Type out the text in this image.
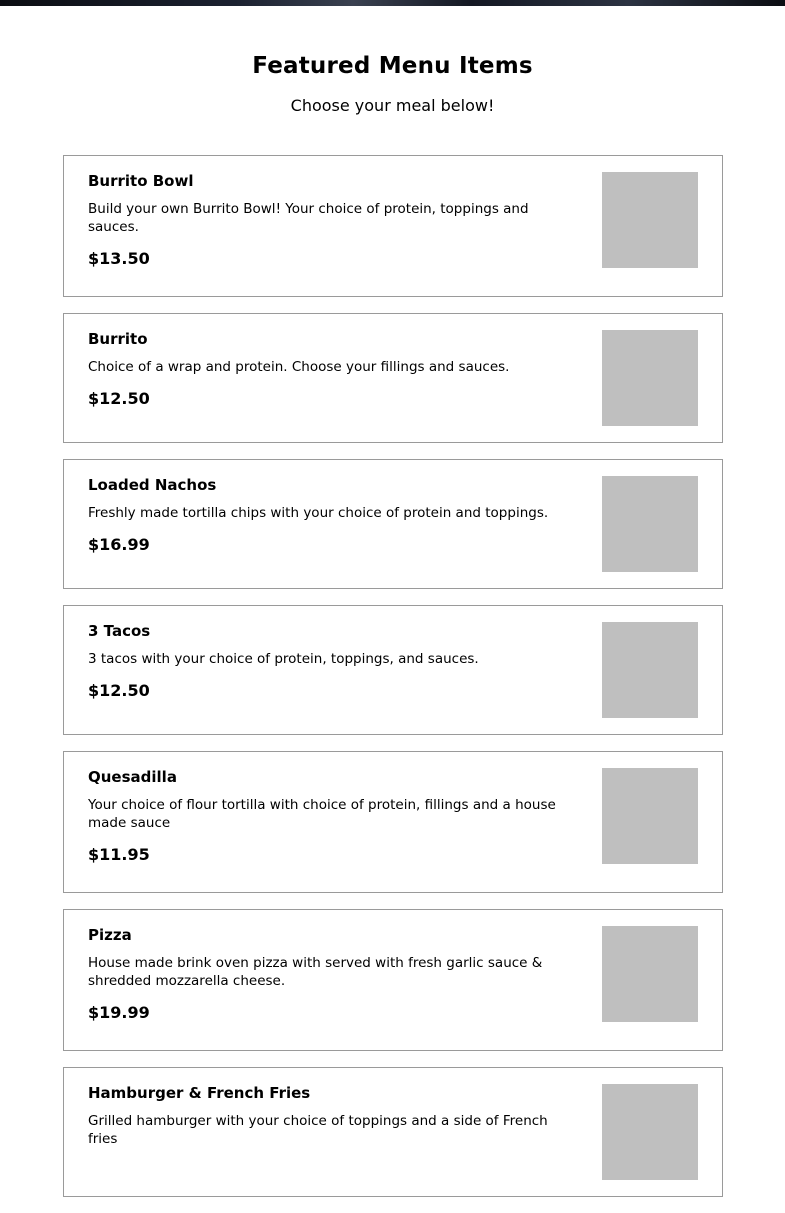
Featured Menu Items
Choose your meal below!
Burrito Bowl
Build your own Burrito Bowl! Your choice of protein, toppings and sauces.
$13.50
Burrito
Choice of a wrap and protein. Choose your fillings and sauces.
$12.50
Loaded Nachos
Freshly made tortilla chips with your choice of protein and toppings.
$16.99
3 Tacos
3 tacos with your choice of protein, toppings, and sauces.
$12.50
Quesadilla
Your choice of flour tortilla with choice of protein, fillings and a house made sauce
$11.95
Pizza
House made brink oven pizza with served with fresh garlic sauce & shredded mozzarella cheese.
$19.99
Hamburger & French Fries
Grilled hamburger with your choice of toppings and a side of French fries
